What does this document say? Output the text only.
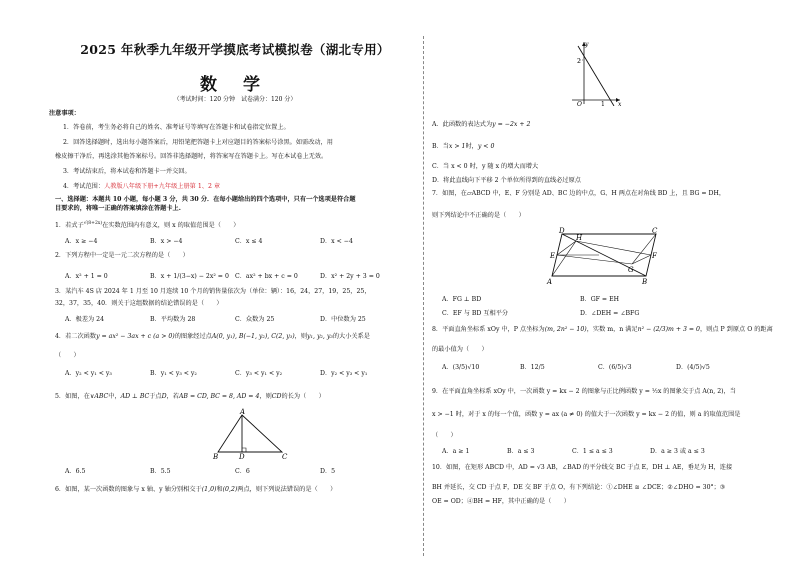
2025 年秋季九年级开学摸底考试模拟卷（湖北专用）
数 学
（考试时间：120 分钟　试卷满分：120 分）
注意事项：
1．答卷前，考生务必将自己的姓名、准考证号等填写在答题卡和试卷指定位置上。
2．回答选择题时，选出每小题答案后，用铅笔把答题卡上对应题目的答案标号涂黑。如需改动，用
橡皮擦干净后，再选涂其他答案标号。回答非选择题时，将答案写在答题卡上。写在本试卷上无效。
3．考试结束后，将本试卷和答题卡一并交回。
4．考试范围：人教版八年级下册+九年级上册第 1、2 章
一、选择题：本题共 10 小题，每小题 3 分，共 30 分．在每小题给出的四个选项中，只有一个选项是符合题
目要求的，将唯一正确的答案填涂在答题卡上.
1．若式子$^{√(8+2x)}$在实数范围内有意义，则 x 的取值范围是（　　）
A．x ≥ −4	B．x > −4	C．x ≤ 4	D．x < −4
2．下列方程中一定是一元二次方程的是（　　）
A．x² + 1 = 0	B．x + 1/(3−x) − 2x² = 0 C．ax² + bx + c = 0	D．x² + 2y + 3 = 0
3．某汽车 4S 店 2024 年 1 月至 10 月连续 10 个月的销售量依次为（单位：辆）：16，24，27，19，25，25，
32，37，35，40．则关于这组数据的结论错误的是（　　）
A．极差为 24	B．平均数为 28	C．众数为 25	D．中位数为 25
4．若二次函数y = ax² − 3ax + c (a > 0)的图象经过点A(0, y₁), B(−1, y₂), C(2, y₃)，则y₁, y₂, y₃的大小关系是
（　　）
A．y₂ < y₁ < y₃	B．y₁ < y₃ < y₂	C．y₃ < y₁ < y₂	D．y₂ < y₃ < y₁
5．如图，在∨ABC中，AD ⊥ BC于点D，若AB = CD, BC = 8, AD = 4，则CD的长为（　　）
A
B	D	C
A．6.5	B．5.5	C．6	D．5
6．如图，某一次函数的图象与 x 轴、y 轴分别相交于(1,0)和(0,2)两点，则下列说法错误的是（　　）
y
2
O	1 x
A．此函数的表达式为y = −2x + 2
B．当x > 1时，y < 0
C．当 x < 0 时，y 随 x 的增大而增大
D．将此直线向下平移 2 个单位所得到的直线必过原点
7．如图，在▱ABCD 中，E、F 分别是 AD、BC 边的中点，G、H 两点在对角线 BD 上，且 BG = DH，
则下列结论中不正确的是（　　）
D
H
C
E
G
F
A	B
A．FG ⊥ BD	B．GF = EH
C．EF 与 BD 互相平分	D．∠DEH = ∠BFG
8．平面直角坐标系 xOy 中，P 点坐标为(m, 2n² − 10)，实数 m，n 满足n² − (2/3)m + 3 = 0，则点 P 到原点 O 的距离
的最小值为（　　）
A．(3/5)√10	B．12/5	C．(6/5)√3	D．(4/5)√5
9．在平面直角坐标系 xOy 中，一次函数 y = kx − 2 的图象与正比例函数 y = ½x 的图象交于点 A(n, 2)，当
x > −1 时，对于 x 的每一个值，函数 y = ax (a ≠ 0) 的值大于一次函数 y = kx − 2 的值，则 a 的取值范围是
（　　）
A．a ≥ 1	B．a ≤ 3	C．1 ≤ a ≤ 3	D．a ≥ 3 或 a ≤ 3
10．如图，在矩形 ABCD 中，AD = √3 AB，∠BAD 的平分线交 BC 于点 E，DH ⊥ AE，垂足为 H，连接
BH 并延长，交 CD 于点 F，DE 交 BF 于点 O，有下列结论：①∠DHE ≅ ∠DCE；②∠DHO = 30°；③
OE = OD；④BH = HF，其中正确的是（　　）
